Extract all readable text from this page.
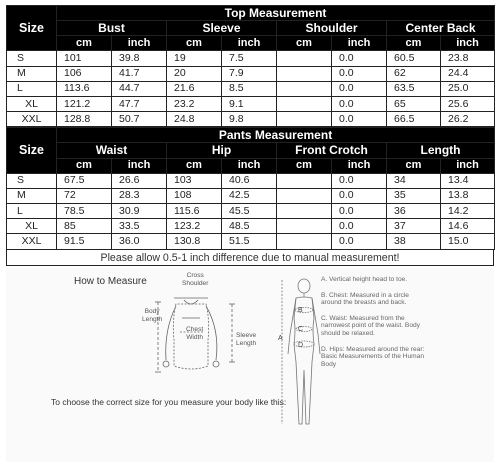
Size	Top Measurement							
	Bust		Sleeve		Shoulder		Center Back	
	cm	inch	cm	inch	cm	inch	cm	inch
S	101	39.8	19	7.5		0.0	60.5	23.8
M	106	41.7	20	7.9		0.0	62	24.4
L	113.6	44.7	21.6	8.5		0.0	63.5	25.0
XL	121.2	47.7	23.2	9.1		0.0	65	25.6
XXL	128.8	50.7	24.8	9.8		0.0	66.5	26.2
Size	Pants Measurement							
	Waist		Hip		Front Crotch		Length	
	cm	inch	cm	inch	cm	inch	cm	inch
S	67.5	26.6	103	40.6		0.0	34	13.4
M	72	28.3	108	42.5		0.0	35	13.8
L	78.5	30.9	115.6	45.5		0.0	36	14.2
XL	85	33.5	123.2	48.5		0.0	37	14.6
XXL	91.5	36.0	130.8	51.5		0.0	38	15.0
Please allow 0.5-1 inch difference due to manual measurement!
How to Measure
Cross
Shoulder
Body
Length
Chest
Width	Sleeve
Length
To choose the correct size for you measure your body like this:
B
A
C
D
A. Vertical height head to toe.
B. Chest: Measured in a circle around the breasts and back.
C. Waist: Measured from the narrowest point of the waist. Body should be relaxed.
D. Hips: Measured around the rear: Basic Measurements of the Human Body
